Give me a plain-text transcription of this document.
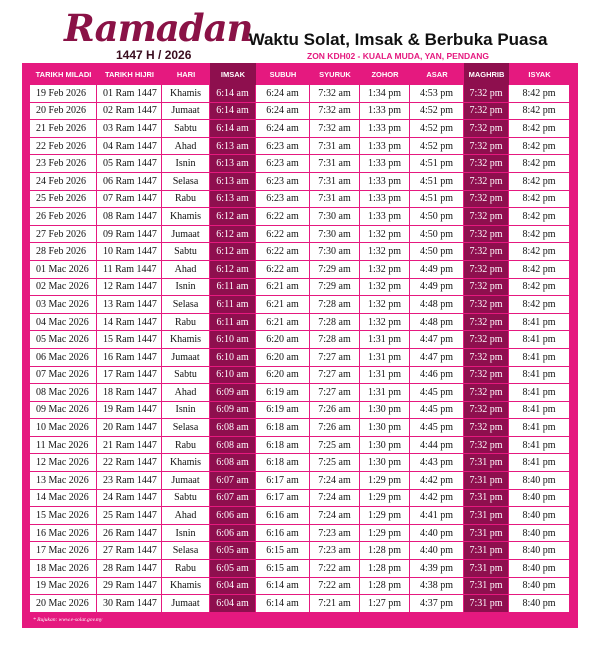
Ramadan
1447 H / 2026
Waktu Solat, Imsak & Berbuka Puasa
ZON KDH02 - KUALA MUDA, YAN, PENDANG
TARIKH MILADI	TARIKH HIJRI	HARI	IMSAK	SUBUH	SYURUK	ZOHOR	ASAR	MAGHRIB	ISYAK
19 Feb 2026	01 Ram 1447	Khamis	6:14 am	6:24 am	7:32 am	1:34 pm	4:53 pm	7:32 pm	8:42 pm
20 Feb 2026	02 Ram 1447	Jumaat	6:14 am	6:24 am	7:32 am	1:33 pm	4:52 pm	7:32 pm	8:42 pm
21 Feb 2026	03 Ram 1447	Sabtu	6:14 am	6:24 am	7:32 am	1:33 pm	4:52 pm	7:32 pm	8:42 pm
22 Feb 2026	04 Ram 1447	Ahad	6:13 am	6:23 am	7:31 am	1:33 pm	4:52 pm	7:32 pm	8:42 pm
23 Feb 2026	05 Ram 1447	Isnin	6:13 am	6:23 am	7:31 am	1:33 pm	4:51 pm	7:32 pm	8:42 pm
24 Feb 2026	06 Ram 1447	Selasa	6:13 am	6:23 am	7:31 am	1:33 pm	4:51 pm	7:32 pm	8:42 pm
25 Feb 2026	07 Ram 1447	Rabu	6:13 am	6:23 am	7:31 am	1:33 pm	4:51 pm	7:32 pm	8:42 pm
26 Feb 2026	08 Ram 1447	Khamis	6:12 am	6:22 am	7:30 am	1:33 pm	4:50 pm	7:32 pm	8:42 pm
27 Feb 2026	09 Ram 1447	Jumaat	6:12 am	6:22 am	7:30 am	1:32 pm	4:50 pm	7:32 pm	8:42 pm
28 Feb 2026	10 Ram 1447	Sabtu	6:12 am	6:22 am	7:30 am	1:32 pm	4:50 pm	7:32 pm	8:42 pm
01 Mac 2026	11 Ram 1447	Ahad	6:12 am	6:22 am	7:29 am	1:32 pm	4:49 pm	7:32 pm	8:42 pm
02 Mac 2026	12 Ram 1447	Isnin	6:11 am	6:21 am	7:29 am	1:32 pm	4:49 pm	7:32 pm	8:42 pm
03 Mac 2026	13 Ram 1447	Selasa	6:11 am	6:21 am	7:28 am	1:32 pm	4:48 pm	7:32 pm	8:42 pm
04 Mac 2026	14 Ram 1447	Rabu	6:11 am	6:21 am	7:28 am	1:32 pm	4:48 pm	7:32 pm	8:41 pm
05 Mac 2026	15 Ram 1447	Khamis	6:10 am	6:20 am	7:28 am	1:31 pm	4:47 pm	7:32 pm	8:41 pm
06 Mac 2026	16 Ram 1447	Jumaat	6:10 am	6:20 am	7:27 am	1:31 pm	4:47 pm	7:32 pm	8:41 pm
07 Mac 2026	17 Ram 1447	Sabtu	6:10 am	6:20 am	7:27 am	1:31 pm	4:46 pm	7:32 pm	8:41 pm
08 Mac 2026	18 Ram 1447	Ahad	6:09 am	6:19 am	7:27 am	1:31 pm	4:45 pm	7:32 pm	8:41 pm
09 Mac 2026	19 Ram 1447	Isnin	6:09 am	6:19 am	7:26 am	1:30 pm	4:45 pm	7:32 pm	8:41 pm
10 Mac 2026	20 Ram 1447	Selasa	6:08 am	6:18 am	7:26 am	1:30 pm	4:45 pm	7:32 pm	8:41 pm
11 Mac 2026	21 Ram 1447	Rabu	6:08 am	6:18 am	7:25 am	1:30 pm	4:44 pm	7:32 pm	8:41 pm
12 Mac 2026	22 Ram 1447	Khamis	6:08 am	6:18 am	7:25 am	1:30 pm	4:43 pm	7:31 pm	8:41 pm
13 Mac 2026	23 Ram 1447	Jumaat	6:07 am	6:17 am	7:24 am	1:29 pm	4:42 pm	7:31 pm	8:40 pm
14 Mac 2026	24 Ram 1447	Sabtu	6:07 am	6:17 am	7:24 am	1:29 pm	4:42 pm	7:31 pm	8:40 pm
15 Mac 2026	25 Ram 1447	Ahad	6:06 am	6:16 am	7:24 am	1:29 pm	4:41 pm	7:31 pm	8:40 pm
16 Mac 2026	26 Ram 1447	Isnin	6:06 am	6:16 am	7:23 am	1:29 pm	4:40 pm	7:31 pm	8:40 pm
17 Mac 2026	27 Ram 1447	Selasa	6:05 am	6:15 am	7:23 am	1:28 pm	4:40 pm	7:31 pm	8:40 pm
18 Mac 2026	28 Ram 1447	Rabu	6:05 am	6:15 am	7:22 am	1:28 pm	4:39 pm	7:31 pm	8:40 pm
19 Mac 2026	29 Ram 1447	Khamis	6:04 am	6:14 am	7:22 am	1:28 pm	4:38 pm	7:31 pm	8:40 pm
20 Mac 2026	30 Ram 1447	Jumaat	6:04 am	6:14 am	7:21 am	1:27 pm	4:37 pm	7:31 pm	8:40 pm
* Rujukan: www.e-solat.gov.my
